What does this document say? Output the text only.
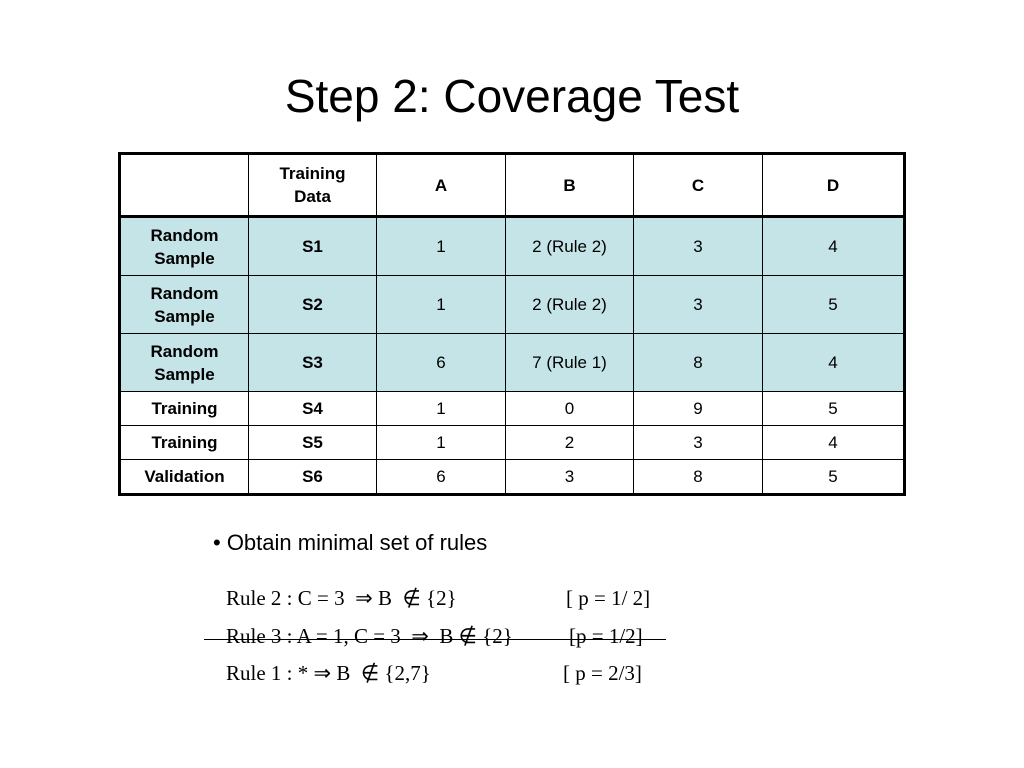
Step 2: Coverage Test
	Training Data	A	B	C	D
Random Sample	S1	1	2 (Rule 2)	3	4
Random Sample	S2	1	2 (Rule 2)	3	5
Random Sample	S3	6	7 (Rule 1)	8	4
Training	S4	1	0	9	5
Training	S5	1	2	3	4
Validation	S6	6	3	8	5
• Obtain minimal set of rules
Rule 2 : C = 3  ⇒ B  ∉ {2}	[ p = 1/ 2]
Rule 3 : A = 1, C = 3  ⇒  B ∉ {2}	[p = 1/2]
Rule 1 : * ⇒ B  ∉ {2,7}	[ p = 2/3]
